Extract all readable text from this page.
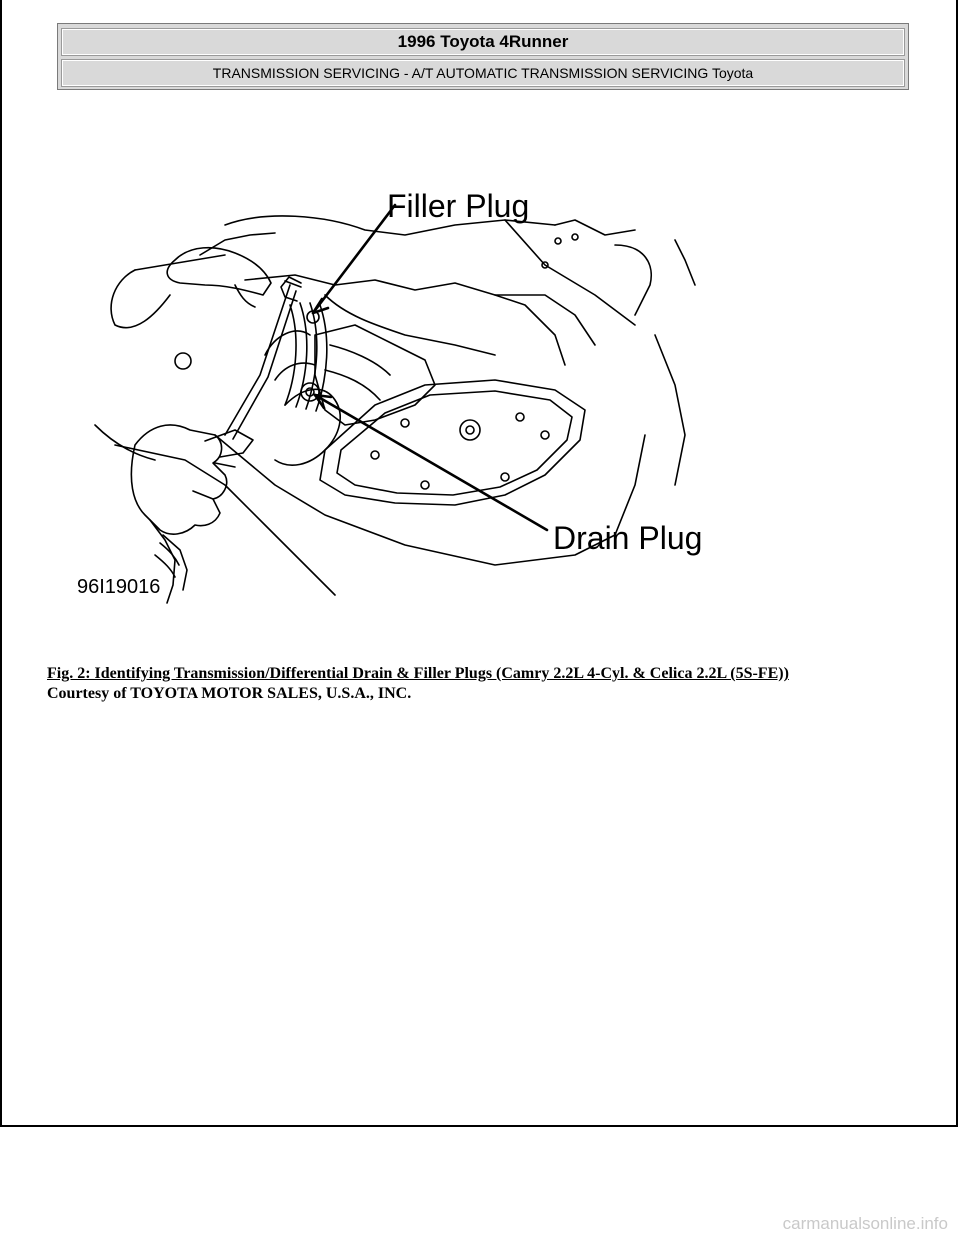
1996 Toyota 4Runner
TRANSMISSION SERVICING - A/T AUTOMATIC TRANSMISSION SERVICING Toyota
Filler Plug
Drain Plug
96I19016
Fig. 2: Identifying Transmission/Differential Drain & Filler Plugs (Camry 2.2L 4-Cyl. & Celica 2.2L (5S-FE))
Courtesy of TOYOTA MOTOR SALES, U.S.A., INC.
carmanualsonline.info
